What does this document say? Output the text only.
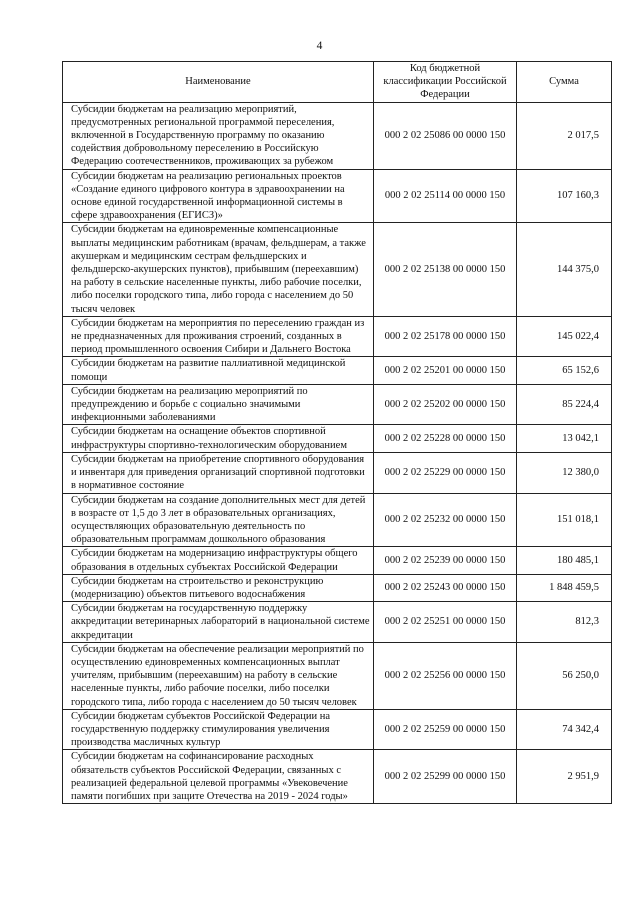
4
Наименование	Код бюджетной классификации Российской Федерации	Сумма
Субсидии бюджетам на реализацию мероприятий, предусмотренных региональной программой переселения, включенной в Государственную программу по оказанию содействия добровольному переселению в Российскую Федерацию соотечественников, проживающих за рубежом	000 2 02 25086 00 0000 150	2 017,5
Субсидии бюджетам на реализацию региональных проектов «Создание единого цифрового контура в здравоохранении на основе единой государственной информационной системы в сфере здравоохранения (ЕГИСЗ)»	000 2 02 25114 00 0000 150	107 160,3
Субсидии бюджетам на единовременные компенсационные выплаты медицинским работникам (врачам, фельдшерам, а также акушеркам и медицинским сестрам фельдшерских и фельдшерско-акушерских пунктов), прибывшим (переехавшим) на работу в сельские населенные пункты, либо рабочие поселки, либо поселки городского типа, либо города с населением до 50 тысяч человек	000 2 02 25138 00 0000 150	144 375,0
Субсидии бюджетам на мероприятия по переселению граждан из не предназначенных для проживания строений, созданных в период промышленного освоения Сибири и Дальнего Востока	000 2 02 25178 00 0000 150	145 022,4
Субсидии бюджетам на развитие паллиативной медицинской помощи	000 2 02 25201 00 0000 150	65 152,6
Субсидии бюджетам на реализацию мероприятий по предупреждению и борьбе с социально значимыми инфекционными заболеваниями	000 2 02 25202 00 0000 150	85 224,4
Субсидии бюджетам на оснащение объектов спортивной инфраструктуры спортивно-технологическим оборудованием	000 2 02 25228 00 0000 150	13 042,1
Субсидии бюджетам на приобретение спортивного оборудования и инвентаря для приведения организаций спортивной подготовки в нормативное состояние	000 2 02 25229 00 0000 150	12 380,0
Субсидии бюджетам на создание дополнительных мест для детей в возрасте от 1,5 до 3 лет в образовательных организациях, осуществляющих образовательную деятельность по образовательным программам дошкольного образования	000 2 02 25232 00 0000 150	151 018,1
Субсидии бюджетам на модернизацию инфраструктуры общего образования в отдельных субъектах Российской Федерации	000 2 02 25239 00 0000 150	180 485,1
Субсидии бюджетам на строительство и реконструкцию (модернизацию) объектов питьевого водоснабжения	000 2 02 25243 00 0000 150	1 848 459,5
Субсидии бюджетам на государственную поддержку аккредитации ветеринарных лабораторий в национальной системе аккредитации	000 2 02 25251 00 0000 150	812,3
Субсидии бюджетам на обеспечение реализации мероприятий по осуществлению единовременных компенсационных выплат учителям, прибывшим (переехавшим) на работу в сельские населенные пункты, либо рабочие поселки, либо поселки городского типа, либо города с населением до 50 тысяч человек	000 2 02 25256 00 0000 150	56 250,0
Субсидии бюджетам субъектов Российской Федерации на государственную поддержку стимулирования увеличения производства масличных культур	000 2 02 25259 00 0000 150	74 342,4
Субсидии бюджетам на софинансирование расходных обязательств субъектов Российской Федерации, связанных с реализацией федеральной целевой программы «Увековечение памяти погибших при защите Отечества на 2019 - 2024 годы»	000 2 02 25299 00 0000 150	2 951,9
